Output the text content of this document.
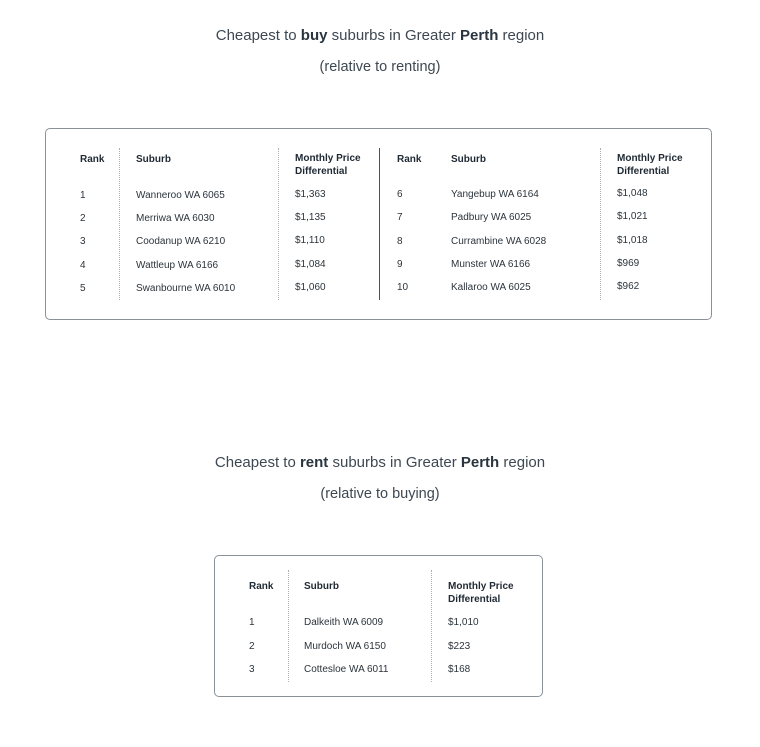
Cheapest to buy suburbs in Greater Perth region
(relative to renting)
Rank	Suburb	Monthly Price Differential
Rank	Suburb	Monthly Price Differential
1	Wanneroo WA 6065	$1,363
2	Merriwa WA 6030	$1,135
3	Coodanup WA 6210	$1,110
4	Wattleup WA 6166	$1,084
5	Swanbourne WA 6010	$1,060
6	Yangebup WA 6164	$1,048
7	Padbury WA 6025	$1,021
8	Currambine WA 6028	$1,018
9	Munster WA 6166	$969
10	Kallaroo WA 6025	$962
Cheapest to rent suburbs in Greater Perth region
(relative to buying)
Rank	Suburb	Monthly Price Differential
1	Dalkeith WA 6009	$1,010
2	Murdoch WA 6150	$223
3	Cottesloe WA 6011	$168
